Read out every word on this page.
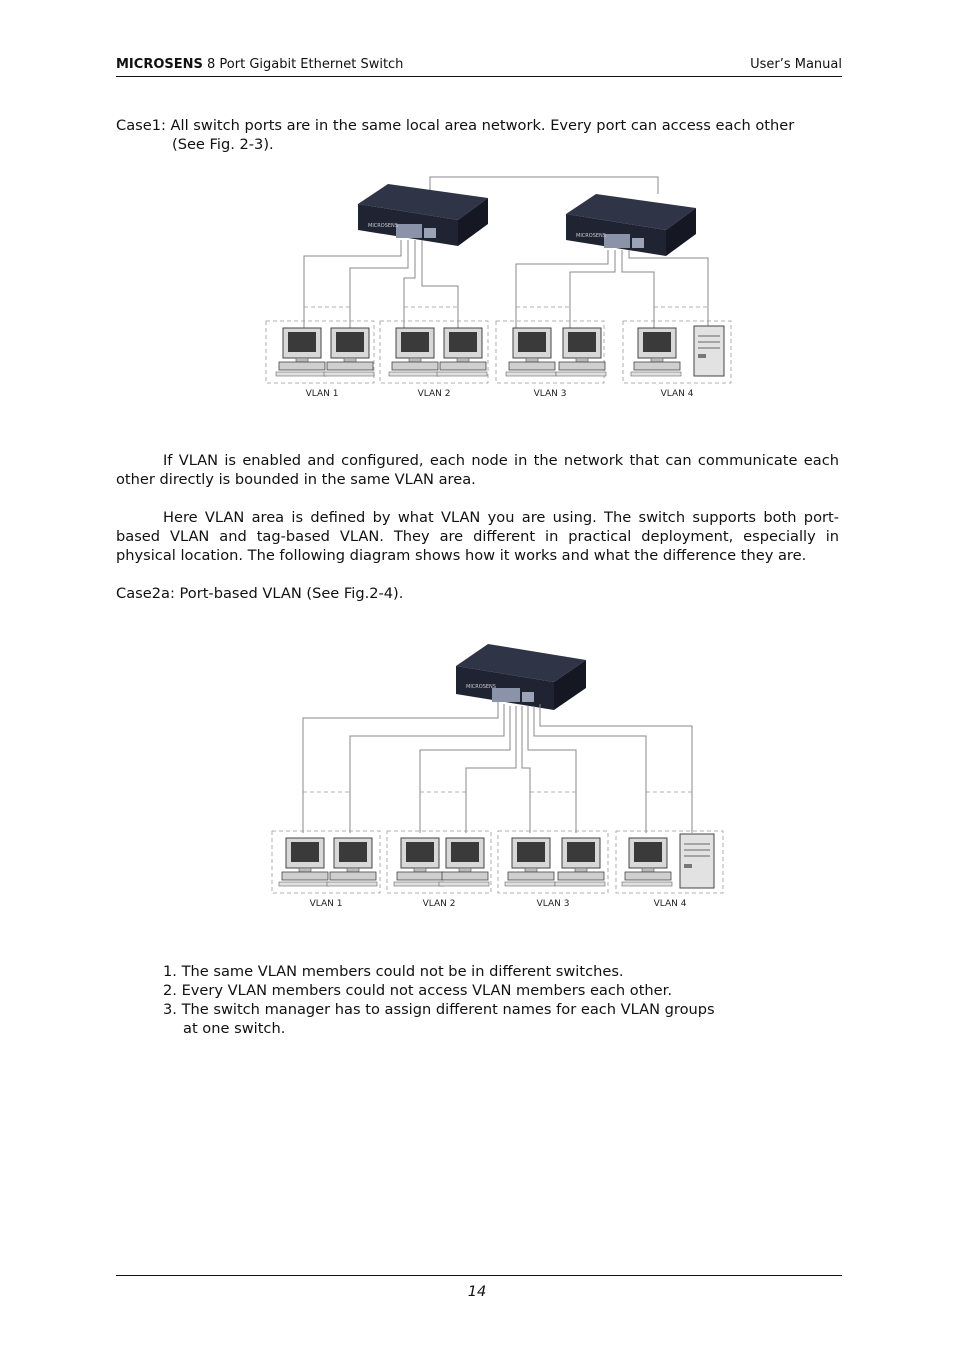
MICROSENS 8 Port Gigabit Ethernet Switch	User’s Manual
Case1: All switch ports are in the same local area network. Every port can access each other
(See Fig. 2-3).
MICROSENS
MICROSENS
VLAN 1	VLAN 2	VLAN 3	VLAN 4
If VLAN is enabled and configured, each node in the network that can communicate each other directly is bounded in the same VLAN area.
Here VLAN area is defined by what VLAN you are using. The switch supports both port-based VLAN and tag-based VLAN. They are different in practical deployment, especially in physical location. The following diagram shows how it works and what the difference they are.
Case2a: Port-based VLAN (See Fig.2-4).
MICROSENS
VLAN 1	VLAN 2	VLAN 3	VLAN 4
1. The same VLAN members could not be in different switches.
2. Every VLAN members could not access VLAN members each other.
3. The switch manager has to assign different names for each VLAN groups
at one switch.
14
